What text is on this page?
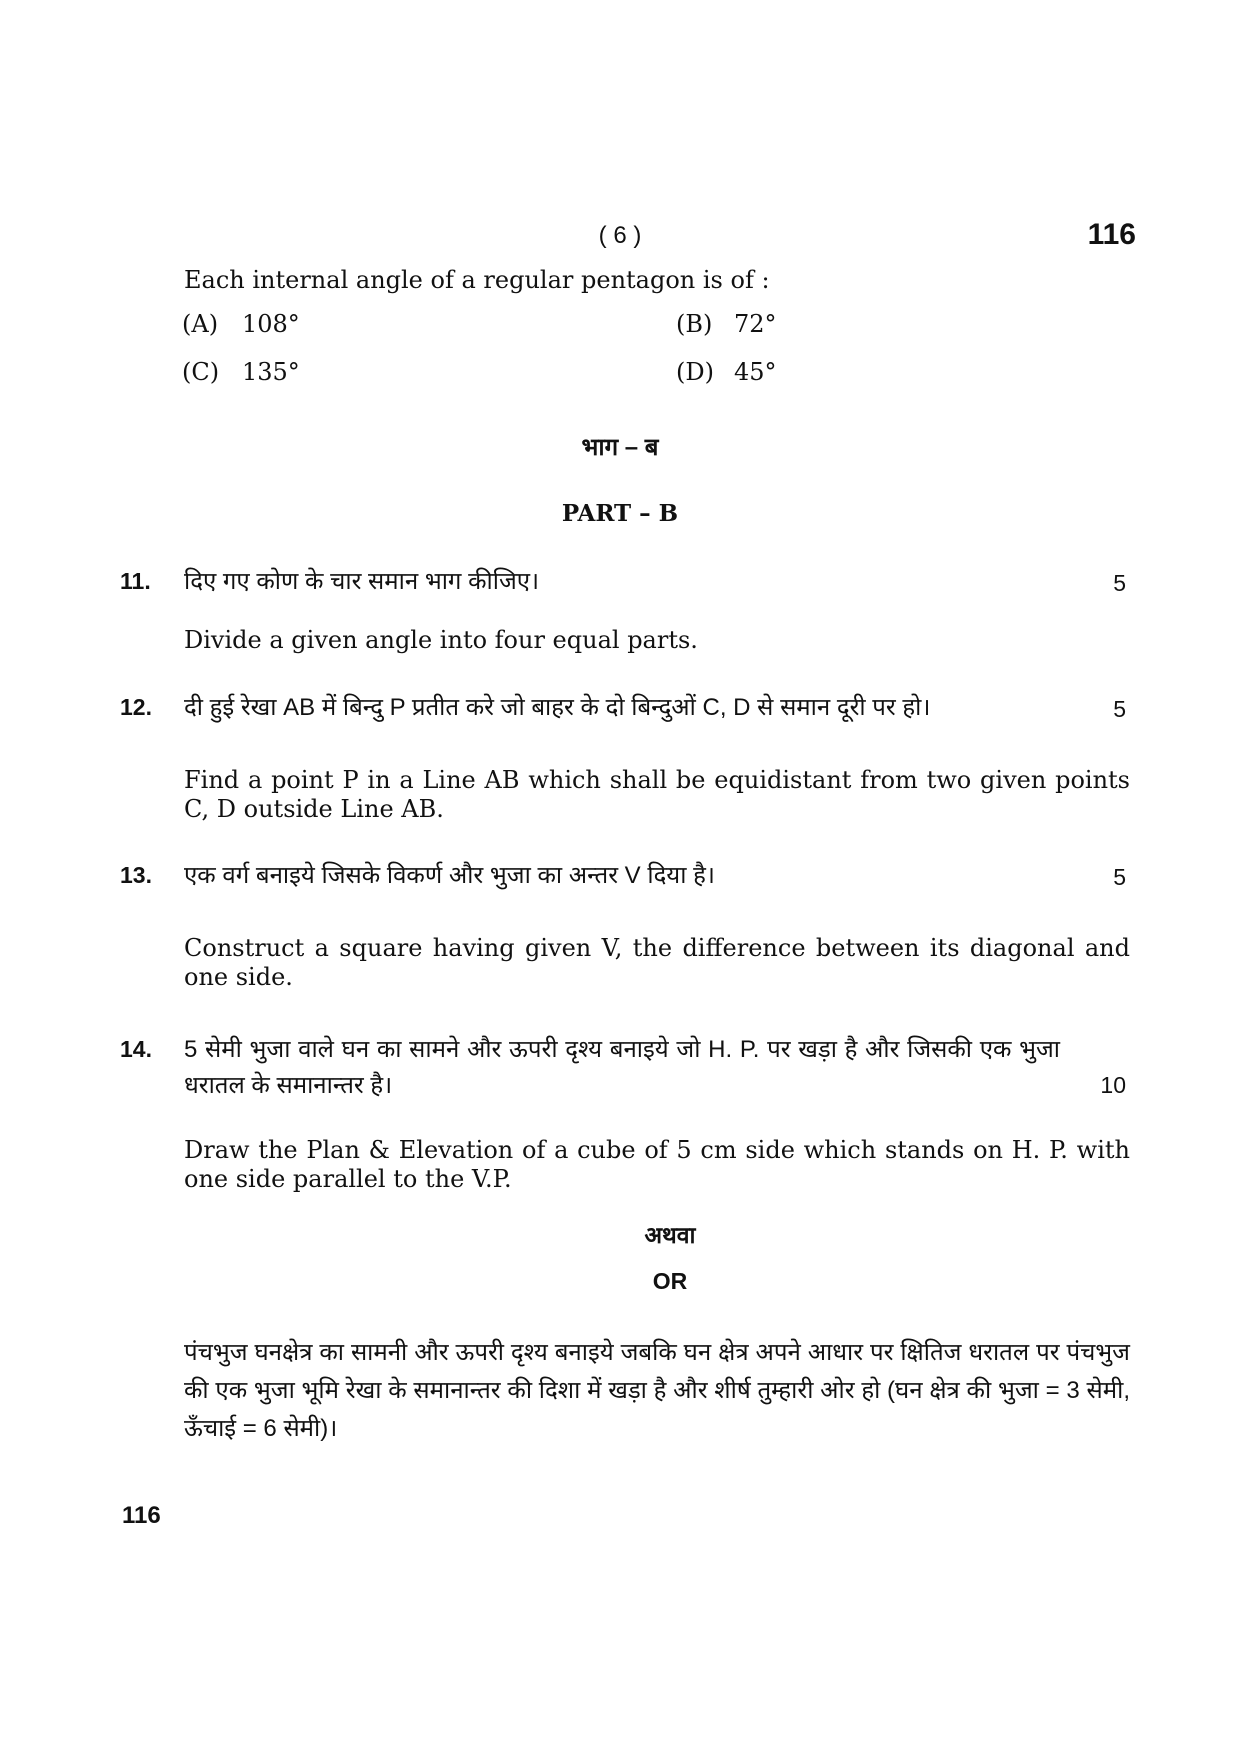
( 6 )	116
Each internal angle of a regular pentagon is of :
(A) 108°	(B) 72°
(C) 135°	(D) 45°
भाग – ब
PART – B
11. दिए गए कोण के चार समान भाग कीजिए।	5
Divide a given angle into four equal parts.
12. दी हुई रेखा AB में बिन्दु P प्रतीत करे जो बाहर के दो बिन्दुओं C, D से समान दूरी पर हो।	5
Find a point P in a Line AB which shall be equidistant from two given points C, D outside Line AB.
13. एक वर्ग बनाइये जिसके विकर्ण और भुजा का अन्तर V दिया है।	5
Construct a square having given V, the difference between its diagonal and one side.
14. 5 सेमी भुजा वाले घन का सामने और ऊपरी दृश्य बनाइये जो H. P. पर खड़ा है और जिसकी एक भुजा धरातल के समानान्तर है।	10
Draw the Plan & Elevation of a cube of 5 cm side which stands on H. P. with one side parallel to the V.P.
अथवा
OR
पंचभुज घनक्षेत्र का सामनी और ऊपरी दृश्य बनाइये जबकि घन क्षेत्र अपने आधार पर क्षितिज धरातल पर पंचभुज की एक भुजा भूमि रेखा के समानान्तर की दिशा में खड़ा है और शीर्ष तुम्हारी ओर हो (घन क्षेत्र की भुजा = 3 सेमी, ऊँचाई = 6 सेमी)।
116
